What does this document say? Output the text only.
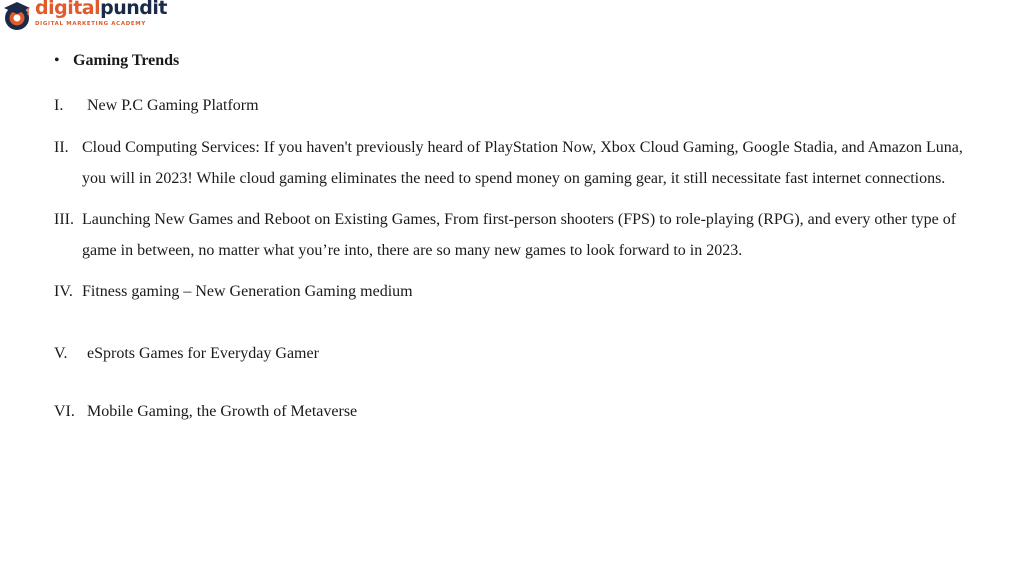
digitalpundit
DIGITAL MARKETING ACADEMY
• Gaming Trends
I.	New P.C Gaming Platform
II. Cloud Computing Services: If you haven't previously heard of PlayStation Now, Xbox Cloud Gaming, Google Stadia, and Amazon Luna, you will in 2023! While cloud gaming eliminates the need to spend money on gaming gear, it still necessitate fast internet connections.
III. Launching New Games and Reboot on Existing Games, From first-person shooters (FPS) to role-playing (RPG), and every other type of game in between, no matter what you’re into, there are so many new games to look forward to in 2023.
IV. Fitness gaming – New Generation Gaming medium
V.	eSprots Games for Everyday Gamer
VI. Mobile Gaming, the Growth of Metaverse
